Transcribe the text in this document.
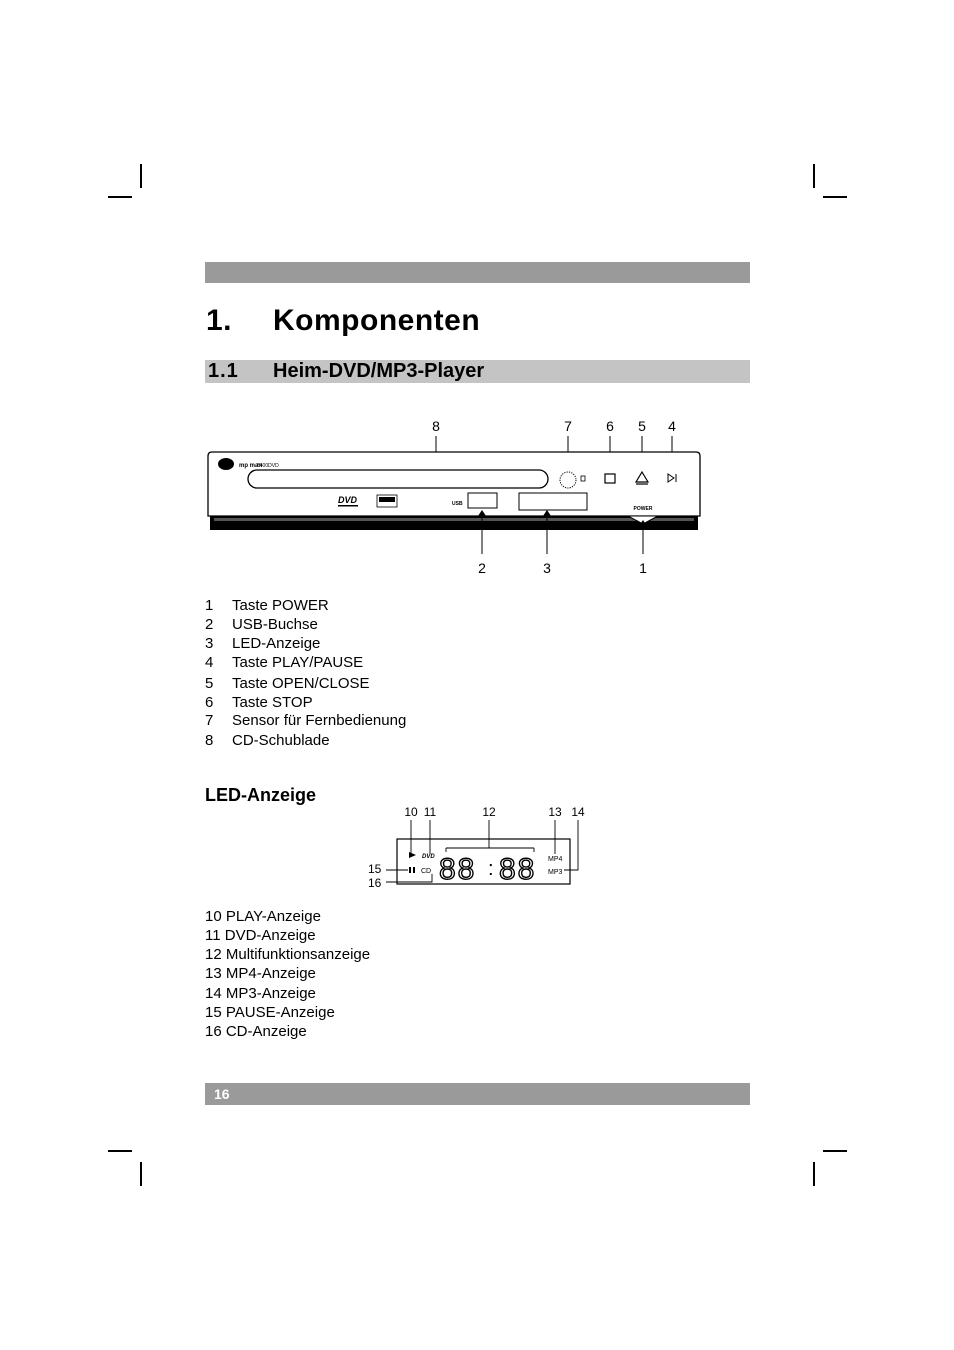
1. Komponenten
1.1 Heim-DVD/MP3-Player
8	7 6 5 4
mp man
5400DVD
DVD	USB
POWER
2	3	1
1 Taste POWER
2 USB-Buchse
3 LED-Anzeige
4 Taste PLAY/PAUSE
5 Taste OPEN/CLOSE
6 Taste STOP
7 Sensor für Fernbedienung
8 CD-Schublade
LED-Anzeige
10 11	12	13 14
15
16
DVD
CD 88 : 88 MP4
MP3
10 PLAY-Anzeige
11 DVD-Anzeige
12 Multifunktionsanzeige
13 MP4-Anzeige
14 MP3-Anzeige
15 PAUSE-Anzeige
16 CD-Anzeige
16
